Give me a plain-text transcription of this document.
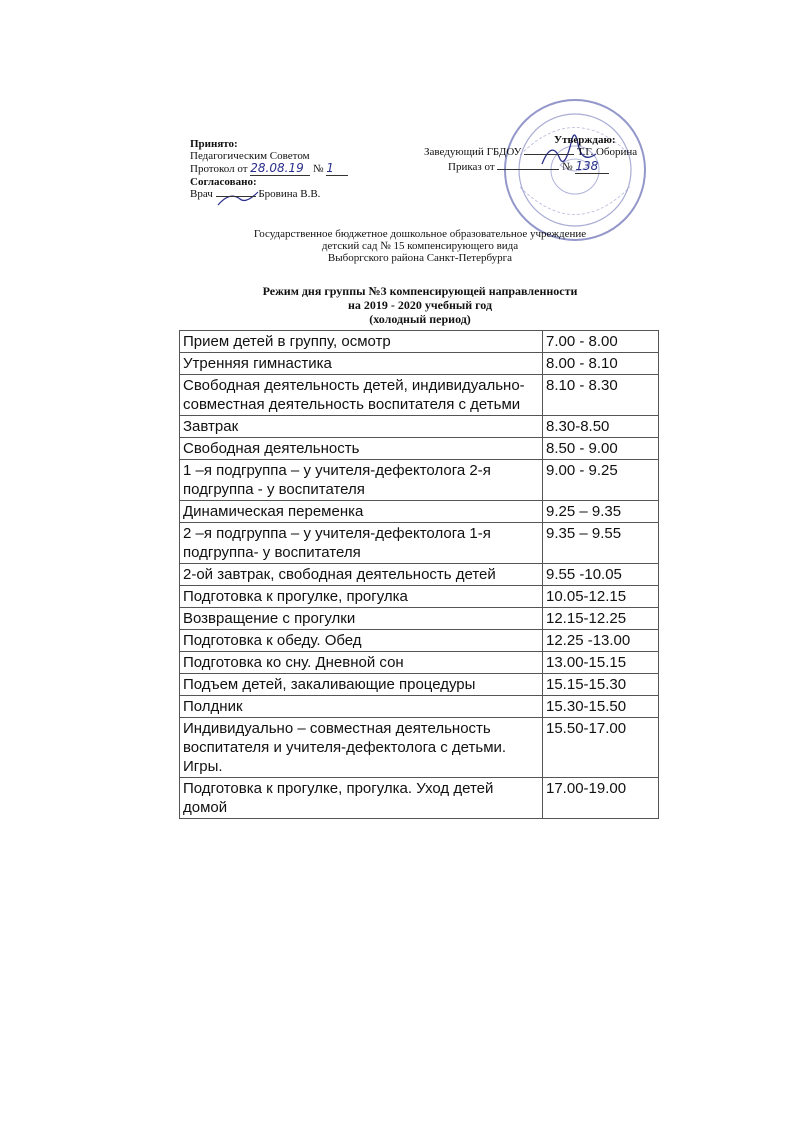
Принято:
Педагогическим Советом
Протокол от 28.08.19 № 1
Согласовано:
Врач	Бровина В.В.
Утверждаю:
Заведующий ГБДОУ	Т.Г. Оборина
Приказ от	№ 138
Государственное бюджетное дошкольное образовательное учреждение
детский сад № 15 компенсирующего вида
Выборгского района Санкт-Петербурга
Режим дня группы №3 компенсирующей направленности
на 2019 - 2020 учебный год
(холодный период)
Прием детей в группу, осмотр	7.00 - 8.00
Утренняя гимнастика	8.00 - 8.10
Свободная деятельность детей, индивидуально-совместная деятельность воспитателя с детьми	8.10 - 8.30
Завтрак	8.30-8.50
Свободная деятельность	8.50 - 9.00
1 –я подгруппа – у учителя-дефектолога 2-я подгруппа - у воспитателя	9.00 - 9.25
Динамическая переменка	9.25 – 9.35
2 –я подгруппа – у учителя-дефектолога 1-я подгруппа- у воспитателя	9.35 – 9.55
2-ой завтрак, свободная деятельность детей	9.55 -10.05
Подготовка к прогулке, прогулка	10.05-12.15
Возвращение с прогулки	12.15-12.25
Подготовка к обеду. Обед	12.25 -13.00
Подготовка ко сну. Дневной сон	13.00-15.15
Подъем детей, закаливающие процедуры	15.15-15.30
Полдник	15.30-15.50
Индивидуально – совместная деятельность воспитателя и учителя-дефектолога с детьми. Игры.	15.50-17.00
Подготовка к прогулке, прогулка. Уход детей домой	17.00-19.00
